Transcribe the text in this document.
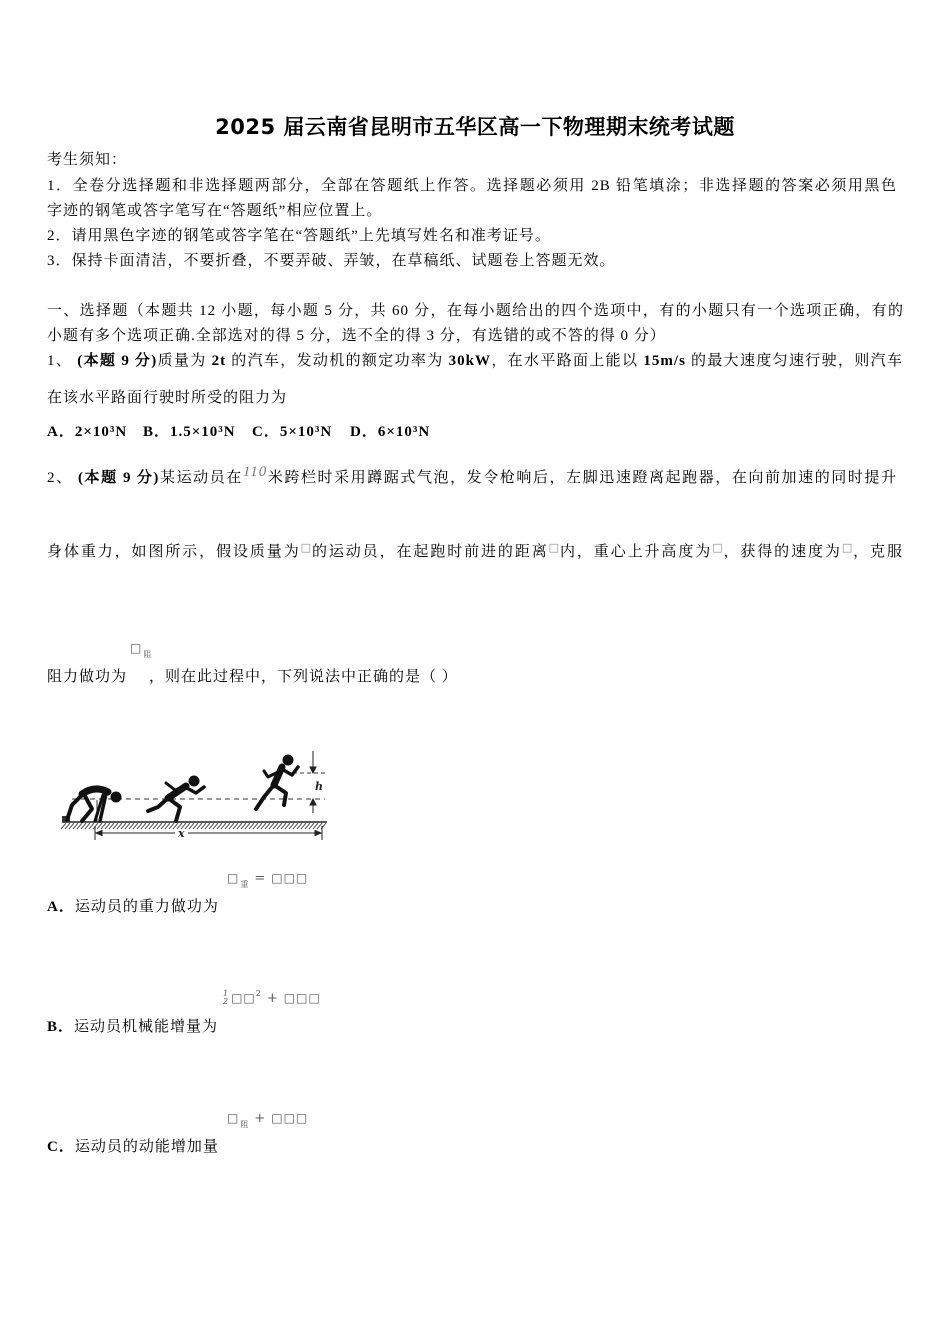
2025 届云南省昆明市五华区高一下物理期末统考试题
考生须知：
1．全卷分选择题和非选择题两部分，全部在答题纸上作答。选择题必须用 2B 铅笔填涂；非选择题的答案必须用黑色
字迹的钢笔或答字笔写在“答题纸”相应位置上。
2．请用黑色字迹的钢笔或答字笔在“答题纸”上先填写姓名和准考证号。
3．保持卡面清洁，不要折叠，不要弄破、弄皱，在草稿纸、试题卷上答题无效。
一、选择题（本题共 12 小题，每小题 5 分，共 60 分，在每小题给出的四个选项中，有的小题只有一个选项正确，有的
小题有多个选项正确.全部选对的得 5 分，选不全的得 3 分，有选错的或不答的得 0 分）
1、 (本题 9 分)质量为 2t 的汽车，发动机的额定功率为 30kW，在水平路面上能以 15m/s 的最大速度匀速行驶，则汽车
在该水平路面行驶时所受的阻力为
A．2×10³N B．1.5×10³N C．5×10³N D．6×10³N
2、 (本题 9 分)某运动员在110米跨栏时采用蹲踞式气泡，发令枪响后，左脚迅速蹬离起跑器，在向前加速的同时提升
身体重力，如图所示，假设质量为□的运动员，在起跑时前进的距离□内，重心上升高度为□，获得的速度为□，克服
$□_阻$
阻力做功为 ，则在此过程中，下列说法中正确的是（ ）
h
x
$□_重$ = □□□
A．运动员的重力做功为
1
2 □□$^2$ + □□□
B．运动员机械能增量为
$□_阻$ + □□□
C．运动员的动能增加量
